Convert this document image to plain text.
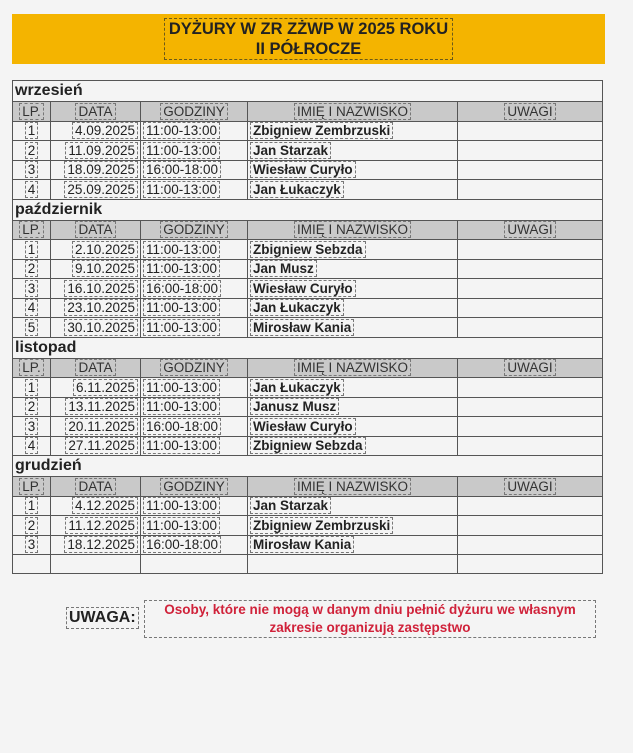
DYŻURY W ZR ZŻWP W 2025 ROKU
II PÓŁROCZE
wrzesień				
LP.	DATA	GODZINY	IMIĘ I NAZWISKO	UWAGI
1	4.09.2025	11:00-13:00	Zbigniew Zembrzuski	
2	11.09.2025	11:00-13:00	Jan Starzak	
3	18.09.2025	16:00-18:00	Wiesław Curyło	
4	25.09.2025	11:00-13:00	Jan Łukaczyk	
październik				
LP.	DATA	GODZINY	IMIĘ I NAZWISKO	UWAGI
1	2.10.2025	11:00-13:00	Zbigniew Sebzda	
2	9.10.2025	11:00-13:00	Jan Musz	
3	16.10.2025	16:00-18:00	Wiesław Curyło	
4	23.10.2025	11:00-13:00	Jan Łukaczyk	
5	30.10.2025	11:00-13:00	Mirosław Kania	
listopad				
LP.	DATA	GODZINY	IMIĘ I NAZWISKO	UWAGI
1	6.11.2025	11:00-13:00	Jan Łukaczyk	
2	13.11.2025	11:00-13:00	Janusz Musz	
3	20.11.2025	16:00-18:00	Wiesław Curyło	
4	27.11.2025	11:00-13:00	Zbigniew Sebzda	
grudzień				
LP.	DATA	GODZINY	IMIĘ I NAZWISKO	UWAGI
1	4.12.2025	11:00-13:00	Jan Starzak	
2	11.12.2025	11:00-13:00	Zbigniew Zembrzuski	
3	18.12.2025	16:00-18:00	Mirosław Kania	

UWAGA:	Osoby, które nie mogą w danym dniu pełnić dyżuru we własnym zakresie organizują zastępstwo
